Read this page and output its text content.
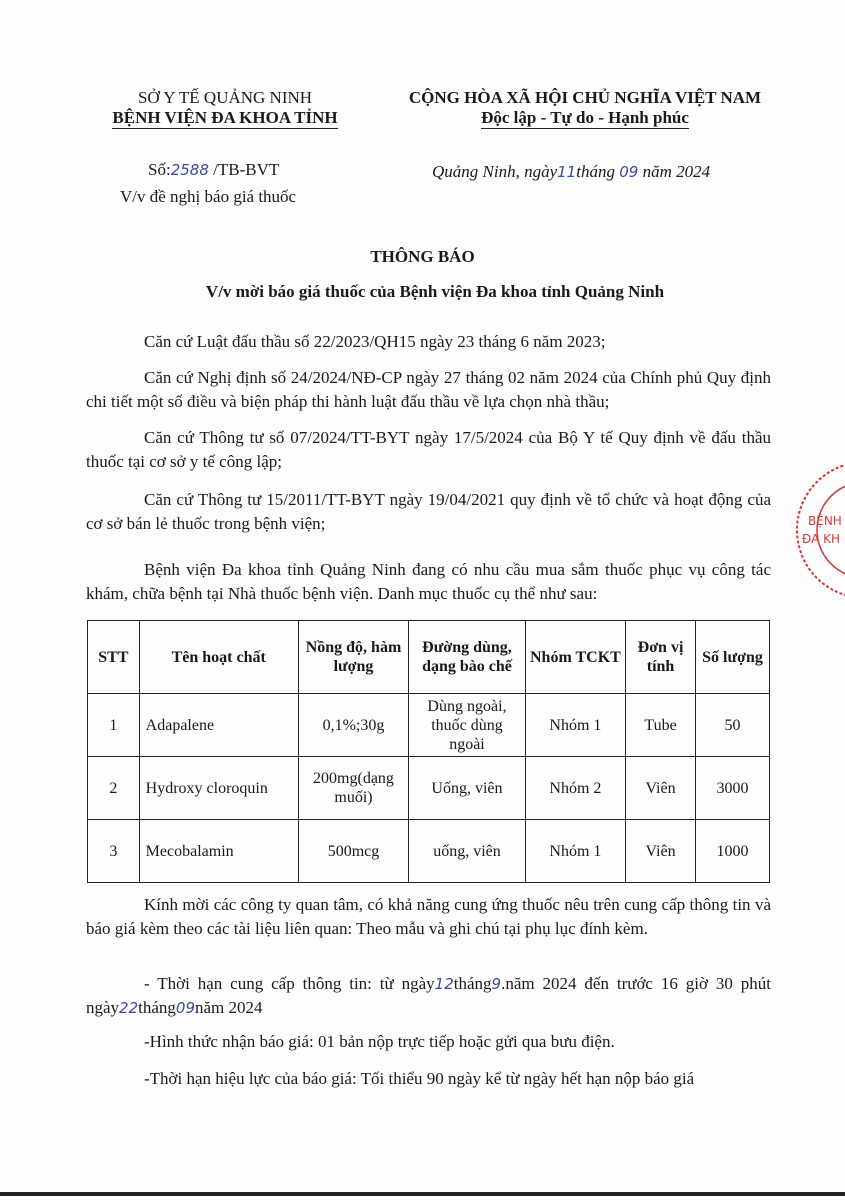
SỞ Y TẾ QUẢNG NINH
BỆNH VIỆN ĐA KHOA TỈNH
CỘNG HÒA XÃ HỘI CHỦ NGHĨA VIỆT NAM
Độc lập - Tự do - Hạnh phúc
Số:2588 /TB-BVT
V/v đề nghị báo giá thuốc
Quảng Ninh, ngày11tháng 09 năm 2024
THÔNG BÁO
V/v mời báo giá thuốc của Bệnh viện Đa khoa tỉnh Quảng Ninh
Căn cứ Luật đấu thầu số 22/2023/QH15 ngày 23 tháng 6 năm 2023;
Căn cứ Nghị định số 24/2024/NĐ-CP ngày 27 tháng 02 năm 2024 của Chính phủ Quy định chi tiết một số điều và biện pháp thi hành luật đấu thầu về lựa chọn nhà thầu;
Căn cứ Thông tư số 07/2024/TT-BYT ngày 17/5/2024 của Bộ Y tế Quy định về đấu thầu thuốc tại cơ sở y tế công lập;
Căn cứ Thông tư 15/2011/TT-BYT ngày 19/04/2021 quy định về tổ chức và hoạt động của cơ sở bán lẻ thuốc trong bệnh viện;
Bệnh viện Đa khoa tỉnh Quảng Ninh đang có nhu cầu mua sắm thuốc phục vụ công tác khám, chữa bệnh tại Nhà thuốc bệnh viện. Danh mục thuốc cụ thể như sau:
STT	Tên hoạt chất	Nồng độ, hàm lượng	Đường dùng, dạng bào chế	Nhóm TCKT	Đơn vị tính	Số lượng
1	Adapalene	0,1%;30g	Dùng ngoài, thuốc dùng ngoài	Nhóm 1	Tube	50
2	Hydroxy cloroquin	200mg(dạng muối)	Uống, viên	Nhóm 2	Viên	3000
3	Mecobalamin	500mcg	uống, viên	Nhóm 1	Viên	1000
Kính mời các công ty quan tâm, có khả năng cung ứng thuốc nêu trên cung cấp thông tin và báo giá kèm theo các tài liệu liên quan: Theo mẫu và ghi chú tại phụ lục đính kèm.
- Thời hạn cung cấp thông tin: từ ngày12tháng9.năm 2024 đến trước 16 giờ 30 phút ngày22tháng09năm 2024
-Hình thức nhận báo giá: 01 bản nộp trực tiếp hoặc gửi qua bưu điện.
-Thời hạn hiệu lực của báo giá: Tối thiểu 90 ngày kể từ ngày hết hạn nộp báo giá
BỆNH
ĐA KH
